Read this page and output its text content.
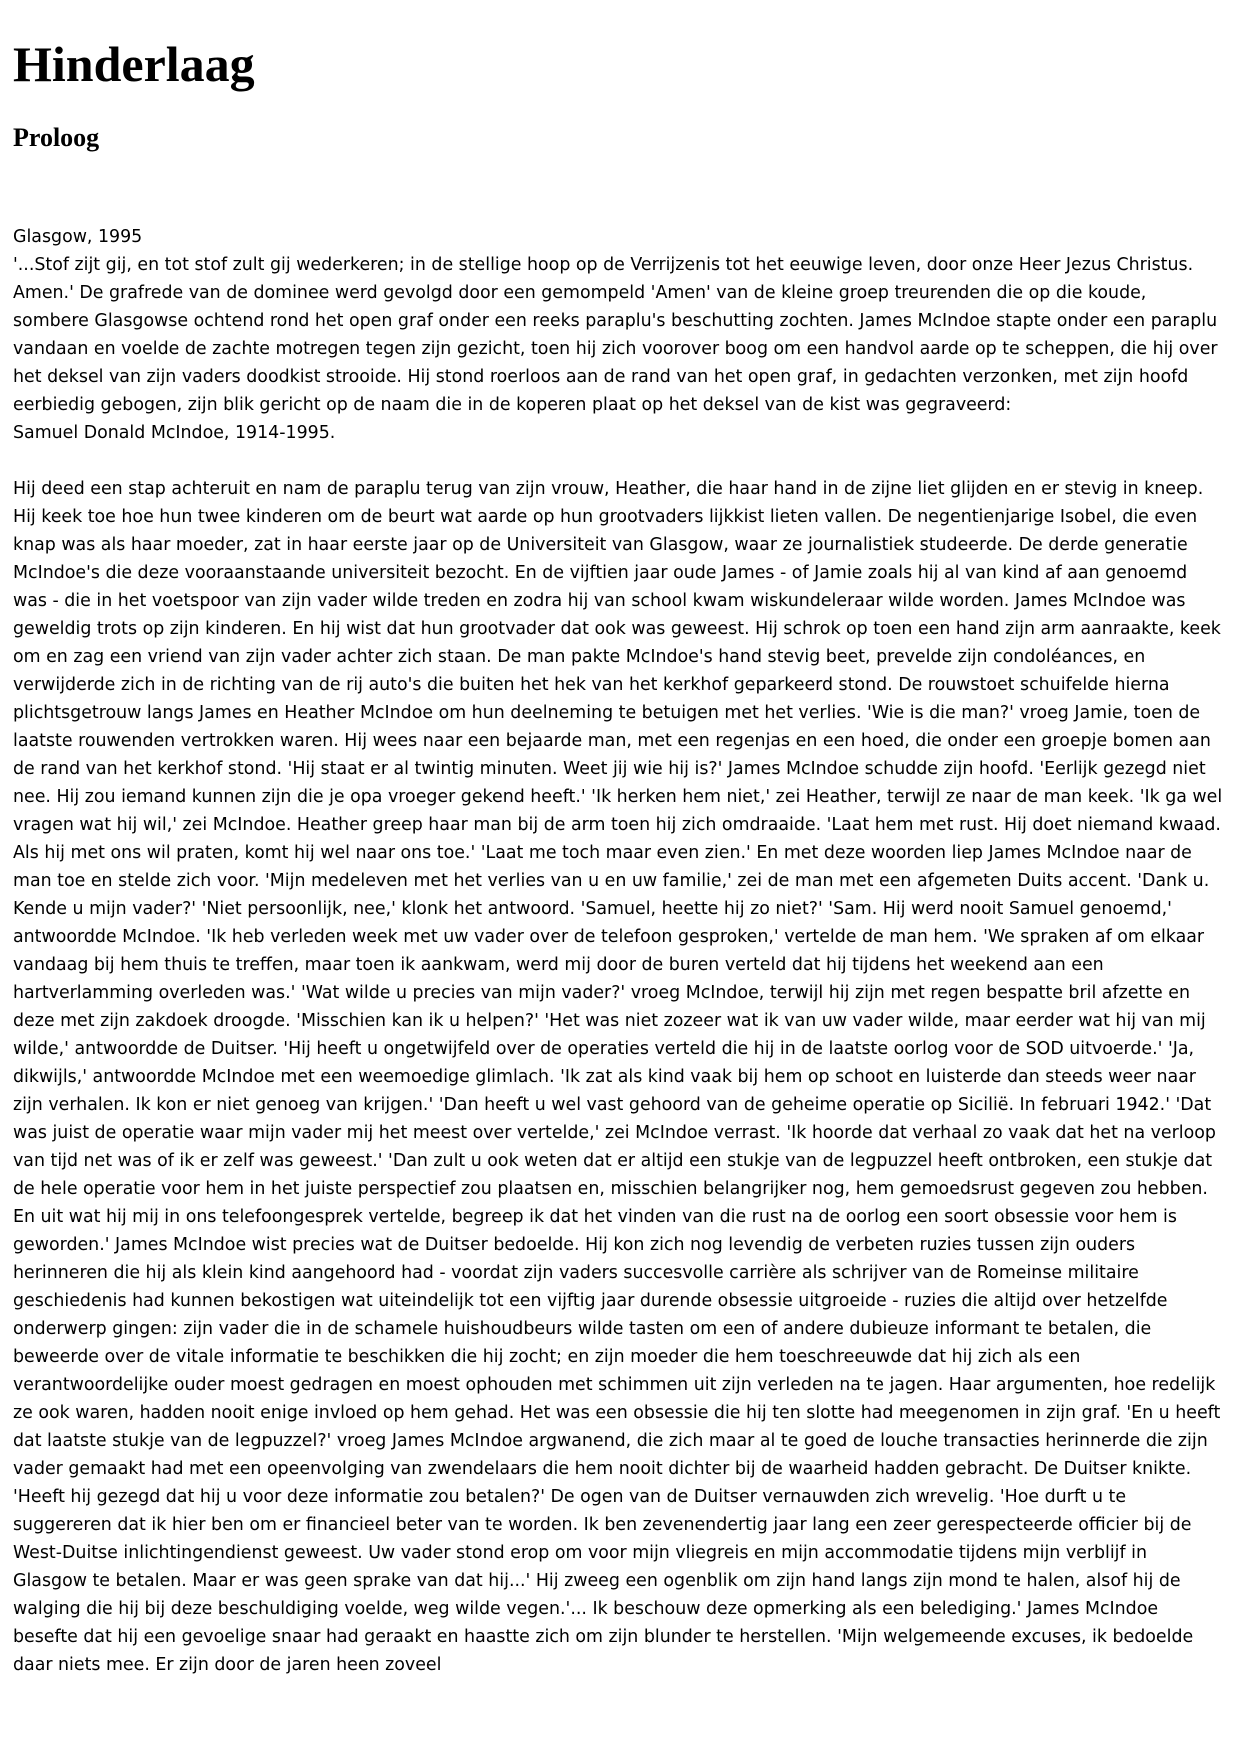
Hinderlaag
Proloog

Glasgow, 1995

'...Stof zijt gij, en tot stof zult gij wederkeren; in de stellige hoop op de Verrijzenis tot het eeuwige leven, door onze Heer Jezus Christus. Amen.' De grafrede van de dominee werd gevolgd door een gemompeld 'Amen' van de kleine groep treurenden die op die koude, sombere Glasgowse ochtend rond het open graf onder een reeks paraplu's beschutting zochten. James McIndoe stapte onder een paraplu vandaan en voelde de zachte motregen tegen zijn gezicht, toen hij zich voorover boog om een handvol aarde op te scheppen, die hij over het deksel van zijn vaders doodkist strooide. Hij stond roerloos aan de rand van het open graf, in gedachten verzonken, met zijn hoofd eerbiedig gebogen, zijn blik gericht op de naam die in de koperen plaat op het deksel van de kist was gegraveerd:

Samuel Donald McIndoe, 1914-1995.

Hij deed een stap achteruit en nam de paraplu terug van zijn vrouw, Heather, die haar hand in de zijne liet glijden en er stevig in kneep. Hij keek toe hoe hun twee kinderen om de beurt wat aarde op hun grootvaders lijkkist lieten vallen. De negentienjarige Isobel, die even knap was als haar moeder, zat in haar eerste jaar op de Universiteit van Glasgow, waar ze journalistiek studeerde. De derde generatie McIndoe's die deze vooraanstaande universiteit bezocht. En de vijftien jaar oude James - of Jamie zoals hij al van kind af aan genoemd was - die in het voetspoor van zijn vader wilde treden en zodra hij van school kwam wiskundeleraar wilde worden. James McIndoe was geweldig trots op zijn kinderen. En hij wist dat hun grootvader dat ook was geweest. Hij schrok op toen een hand zijn arm aanraakte, keek om en zag een vriend van zijn vader achter zich staan. De man pakte McIndoe's hand stevig beet, prevelde zijn condoléances, en verwijderde zich in de richting van de rij auto's die buiten het hek van het kerkhof geparkeerd stond. De rouwstoet schuifelde hierna plichtsgetrouw langs James en Heather McIndoe om hun deelneming te betuigen met het verlies. 'Wie is die man?' vroeg Jamie, toen de laatste rouwenden vertrokken waren. Hij wees naar een bejaarde man, met een regenjas en een hoed, die onder een groepje bomen aan de rand van het kerkhof stond. 'Hij staat er al twintig minuten. Weet jij wie hij is?' James McIndoe schudde zijn hoofd. 'Eerlijk gezegd niet nee. Hij zou iemand kunnen zijn die je opa vroeger gekend heeft.' 'Ik herken hem niet,' zei Heather, terwijl ze naar de man keek. 'Ik ga wel vragen wat hij wil,' zei McIndoe. Heather greep haar man bij de arm toen hij zich omdraaide. 'Laat hem met rust. Hij doet niemand kwaad. Als hij met ons wil praten, komt hij wel naar ons toe.' 'Laat me toch maar even zien.' En met deze woorden liep James McIndoe naar de man toe en stelde zich voor. 'Mijn medeleven met het verlies van u en uw familie,' zei de man met een afgemeten Duits accent. 'Dank u. Kende u mijn vader?' 'Niet persoonlijk, nee,' klonk het antwoord. 'Samuel, heette hij zo niet?' 'Sam. Hij werd nooit Samuel genoemd,' antwoordde McIndoe. 'Ik heb verleden week met uw vader over de telefoon gesproken,' vertelde de man hem. 'We spraken af om elkaar vandaag bij hem thuis te treffen, maar toen ik aankwam, werd mij door de buren verteld dat hij tijdens het weekend aan een hartverlamming overleden was.' 'Wat wilde u precies van mijn vader?' vroeg McIndoe, terwijl hij zijn met regen bespatte bril afzette en deze met zijn zakdoek droogde. 'Misschien kan ik u helpen?' 'Het was niet zozeer wat ik van uw vader wilde, maar eerder wat hij van mij wilde,' antwoordde de Duitser. 'Hij heeft u ongetwijfeld over de operaties verteld die hij in de laatste oorlog voor de SOD uitvoerde.' 'Ja, dikwijls,' antwoordde McIndoe met een weemoedige glimlach. 'Ik zat als kind vaak bij hem op schoot en luisterde dan steeds weer naar zijn verhalen. Ik kon er niet genoeg van krijgen.' 'Dan heeft u wel vast gehoord van de geheime operatie op Sicilië. In februari 1942.' 'Dat was juist de operatie waar mijn vader mij het meest over vertelde,' zei McIndoe verrast. 'Ik hoorde dat verhaal zo vaak dat het na verloop van tijd net was of ik er zelf was geweest.' 'Dan zult u ook weten dat er altijd een stukje van de legpuzzel heeft ontbroken, een stukje dat de hele operatie voor hem in het juiste perspectief zou plaatsen en, misschien belangrijker nog, hem gemoedsrust gegeven zou hebben. En uit wat hij mij in ons telefoongesprek vertelde, begreep ik dat het vinden van die rust na de oorlog een soort obsessie voor hem is geworden.' James McIndoe wist precies wat de Duitser bedoelde. Hij kon zich nog levendig de verbeten ruzies tussen zijn ouders herinneren die hij als klein kind aangehoord had - voordat zijn vaders succesvolle carrière als schrijver van de Romeinse militaire geschiedenis had kunnen bekostigen wat uiteindelijk tot een vijftig jaar durende obsessie uitgroeide - ruzies die altijd over hetzelfde onderwerp gingen: zijn vader die in de schamele huishoudbeurs wilde tasten om een of andere dubieuze informant te betalen, die beweerde over de vitale informatie te beschikken die hij zocht; en zijn moeder die hem toeschreeuwde dat hij zich als een verantwoordelijke ouder moest gedragen en moest ophouden met schimmen uit zijn verleden na te jagen. Haar argumenten, hoe redelijk ze ook waren, hadden nooit enige invloed op hem gehad. Het was een obsessie die hij ten slotte had meegenomen in zijn graf. 'En u heeft dat laatste stukje van de legpuzzel?' vroeg James McIndoe argwanend, die zich maar al te goed de louche transacties herinnerde die zijn vader gemaakt had met een opeenvolging van zwendelaars die hem nooit dichter bij de waarheid hadden gebracht. De Duitser knikte. 'Heeft hij gezegd dat hij u voor deze informatie zou betalen?' De ogen van de Duitser vernauwden zich wrevelig. 'Hoe durft u te suggereren dat ik hier ben om er financieel beter van te worden. Ik ben zevenendertig jaar lang een zeer gerespecteerde officier bij de West-Duitse inlichtingendienst geweest. Uw vader stond erop om voor mijn vliegreis en mijn accommodatie tijdens mijn verblijf in Glasgow te betalen. Maar er was geen sprake van dat hij...' Hij zweeg een ogenblik om zijn hand langs zijn mond te halen, alsof hij de walging die hij bij deze beschuldiging voelde, weg wilde vegen.'... Ik beschouw deze opmerking als een belediging.' James McIndoe besefte dat hij een gevoelige snaar had geraakt en haastte zich om zijn blunder te herstellen. 'Mijn welgemeende excuses, ik bedoelde daar niets mee. Er zijn door de jaren heen zoveel
